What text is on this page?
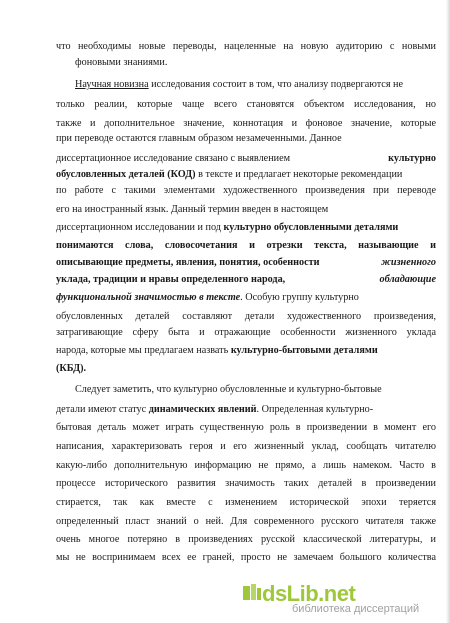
что необходимы новые переводы, нацеленные на новую аудиторию с новыми
фоновыми знаниями.
Научная новизна исследования состоит в том, что анализу подвергаются не
только реалии, которые чаще всего становятся объектом исследования, но
также и дополнительное значение, коннотация и фоновое значение, которые
при переводе остаются главным образом незамеченными. Данное
диссертационное исследование связано с выявлением	культурно
обусловленных деталей (КОД) в тексте и предлагает некоторые рекомендации
по работе с такими элементами художественного произведения при переводе
его на иностранный язык. Данный термин введен в настоящем
диссертационном исследовании и под культурно обусловленными деталями
понимаются слова, словосочетания и отрезки текста, называющие и
описывающие предметы, явления, понятия, особенности	жизненного
уклада, традиции и нравы определенного народа,	обладающие
функциональной значимостью в тексте. Особую группу культурно
обусловленных деталей составляют детали художественного произведения,
затрагивающие сферу быта и отражающие особенности жизненного уклада
народа, которые мы предлагаем назвать культурно-бытовыми деталями
(КБД).
Следует заметить, что культурно обусловленные и культурно-бытовые
детали имеют статус динамических явлений. Определенная культурно-
бытовая деталь может играть существенную роль в произведении в момент его
написания, характеризовать героя и его жизненный уклад, сообщать читателю
какую-либо дополнительную информацию не прямо, а лишь намеком. Часто в
процессе исторического развития значимость таких деталей в произведении
стирается, так как вместе с изменением исторической эпохи теряется
определенный пласт знаний о ней. Для современного русского читателя также
очень многое потеряно в произведениях русской классической литературы, и
мы не воспринимаем всех ее граней, просто не замечаем большого количества
dsLib.net
библиотека диссертаций
